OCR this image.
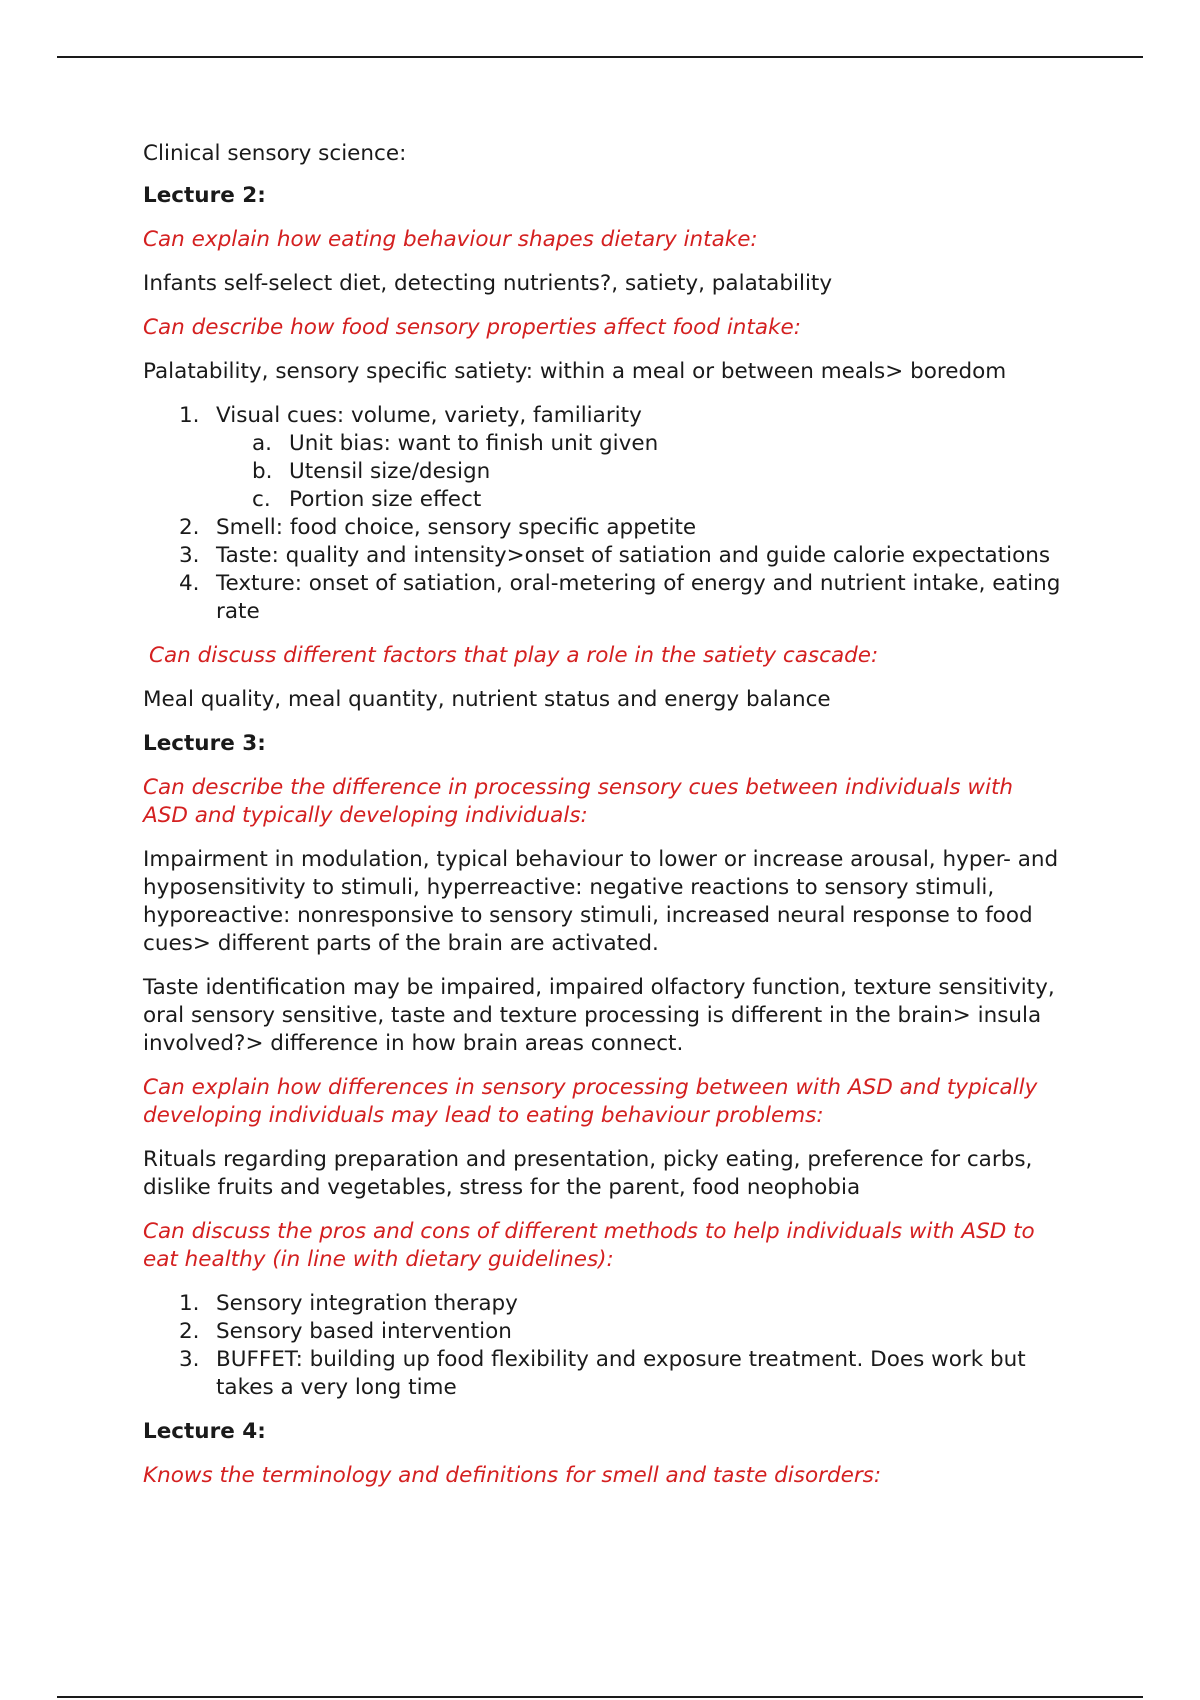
Clinical sensory science:

Lecture 2:

Can explain how eating behaviour shapes dietary intake:

Infants self-select diet, detecting nutrients?, satiety, palatability

Can describe how food sensory properties affect food intake:

Palatability, sensory specific satiety: within a meal or between meals> boredom

1. Visual cues: volume, variety, familiarity
a. Unit bias: want to finish unit given
b. Utensil size/design
c. Portion size effect
2. Smell: food choice, sensory specific appetite
3. Taste: quality and intensity>onset of satiation and guide calorie expectations
4. Texture: onset of satiation, oral-metering of energy and nutrient intake, eating rate

Can discuss different factors that play a role in the satiety cascade:

Meal quality, meal quantity, nutrient status and energy balance

Lecture 3:

Can describe the difference in processing sensory cues between individuals with ASD and typically developing individuals:

Impairment in modulation, typical behaviour to lower or increase arousal, hyper- and hyposensitivity to stimuli, hyperreactive: negative reactions to sensory stimuli, hyporeactive: nonresponsive to sensory stimuli, increased neural response to food cues> different parts of the brain are activated.

Taste identification may be impaired, impaired olfactory function, texture sensitivity, oral sensory sensitive, taste and texture processing is different in the brain> insula involved?> difference in how brain areas connect.

Can explain how differences in sensory processing between with ASD and typically developing individuals may lead to eating behaviour problems:

Rituals regarding preparation and presentation, picky eating, preference for carbs, dislike fruits and vegetables, stress for the parent, food neophobia

Can discuss the pros and cons of different methods to help individuals with ASD to eat healthy (in line with dietary guidelines):

1. Sensory integration therapy
2. Sensory based intervention
3. BUFFET: building up food flexibility and exposure treatment. Does work but takes a very long time

Lecture 4:

Knows the terminology and definitions for smell and taste disorders:
